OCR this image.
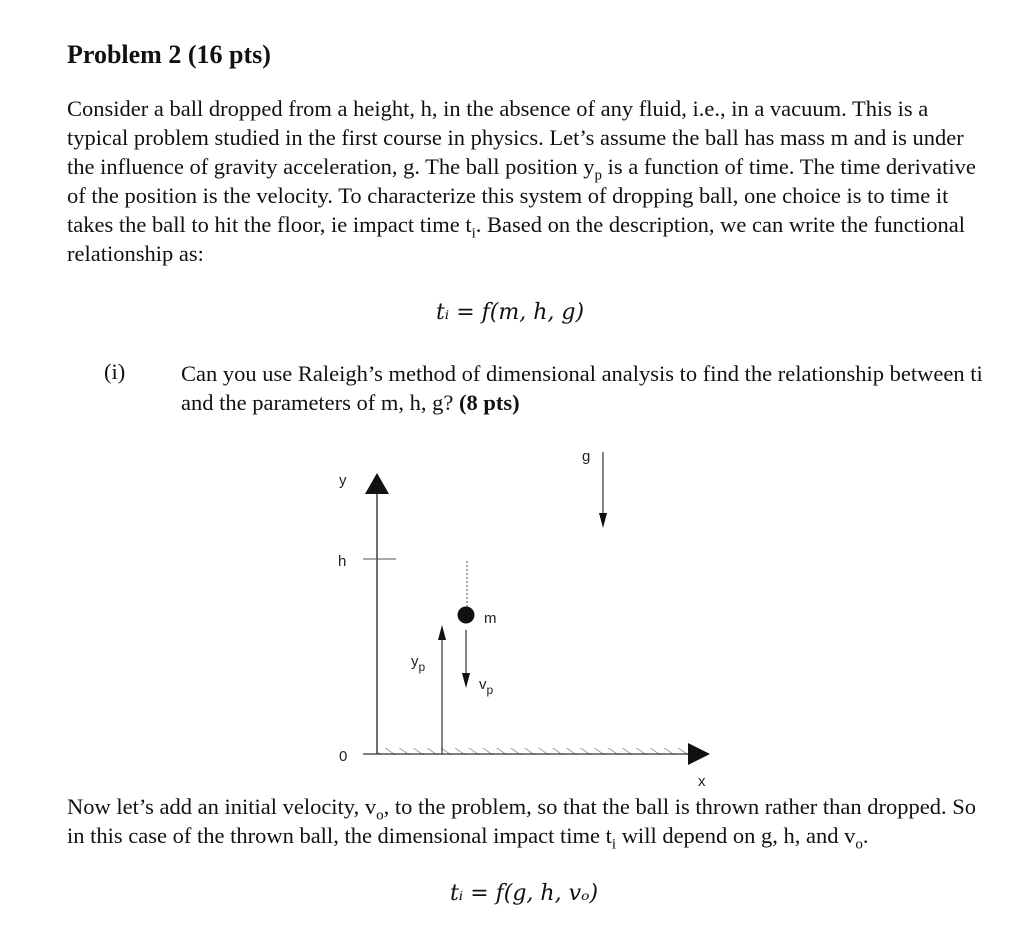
Problem 2 (16 pts)

Consider a ball dropped from a height, h, in the absence of any fluid, i.e., in a vacuum. This is a typical problem studied in the first course in physics. Let’s assume the ball has mass m and is under the influence of gravity acceleration, g. The ball position $y_p$ is a function of time. The time derivative of the position is the velocity. To characterize this system of dropping ball, one choice is to time it takes the ball to hit the floor, ie impact time $t_i$. Based on the description, we can write the functional relationship as:

tᵢ = f(m, h, g)
(i) Can you use Raleigh’s method of dimensional analysis to find the relationship between ti and the parameters of m, h, g? (8 pts)
y
h
x
0
g
m
$y_p$
$v_p$

Now let’s add an initial velocity, $v_o$, to the problem, so that the ball is thrown rather than dropped. So in this case of the thrown ball, the dimensional impact time $t_i$ will depend on g, h, and $v_o$.

tᵢ = f(g, h, vₒ)
